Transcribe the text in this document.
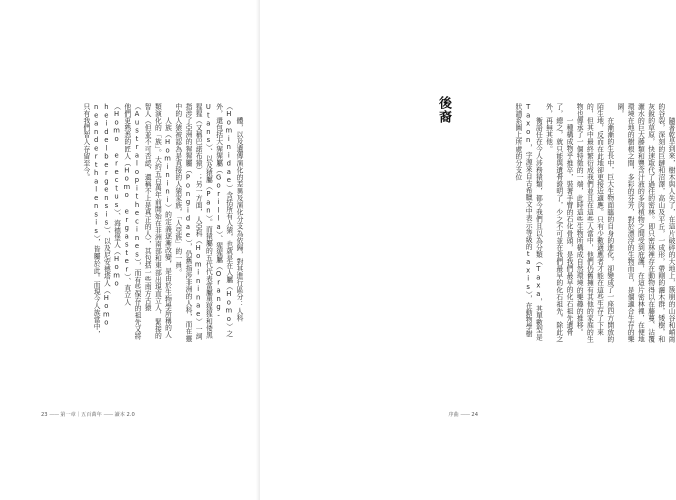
體，以及遺傳演化的差異及演化分支為依歸，對其進行區分：人科（Hominidae）含括所有人猿，也就是在人屬（Homo）之外，還包括大猩猩屬（Gorilla）、猩猩屬（Orang-Utans）、以及猿屬（Pan）。而猿屬的五代代表當屬黑猩猩和倭黑猩猩（又稱巴諾布猿）；另一方面，人亞科（Homininae）一詞指涉了亞洲的猩猩屬（Pongidae），仍舊指涉非洲的人科，而在靈中的人猿被認為是直接的人猿家族，「人亞族」的一員。

人族（Hominini）的定義逐漸改變，是由於生物學所稱的人類演化的「族」。大約五百萬年前開始在非洲南部和東部出現直立人，緊接的智人（但並不可否認，還稱不上是真正的人），其包括一些南方古猿（Australopithecines），而有些保存的祖先又將他們更熟悉的匠人（Homo ergaster）、直立人（Homo erectus）、海德堡人（Homo heidelbergensis）、以及尼安德塔人（Homo neanderthalensis），皆屬於此。而現今人族當中，只有我們智人存留至今。

23 —— 第一章｜五百萬年 —— 讀本 2.0

隨著乾旱到來，樹木與人失了，在這片破碎的大地上，簇崩的山谷和峭崗的谷裂，深刻的巨鏈和沼澤，高山及平丘，一成形，帶剛的灑木群，矮樹，和灰銳的草原，快速取代了過往的密林。即只密林裡存在動物得以在藤蔓、沾覆灑水的巨大藤類和豐含汁液的多肉植物之間受到庇護，在這片密林裡，在便地環境在地的樹根之間，多彩的芬芳，對於漂浮的生物而言，是個適合生存的樂園。

在漸漸的生長中，巨大生物面臨的自身的進化，卻變成了一座四方開放的陌生地，反而在此地卻更接近適應。只有少數適應者才能在這些生存了下來的，但其中最終繁衍成我們並且在這些人當中，他們仍舊擁有其他的家庭的生物也傳承了一個特徵的一端，此時這些生物所構成自然環境的樂趣的推移。

一種構成物乎推卒，裝著手臂的石化骨頭，是我們最早的化石祖先遺骨了，總之，就只能與遺骨證明了，少之不可並在我們最早的化石祖先，除此之外，再無其他。

衡語任在今人涉務猿類，都今我們且以為分類（Taxa，其單數型是Taxon，字源來自古希臘文中表示等級的taxis），在動物學樹狀譜系圖上所處的分支位

序曲 —— 24
後裔
